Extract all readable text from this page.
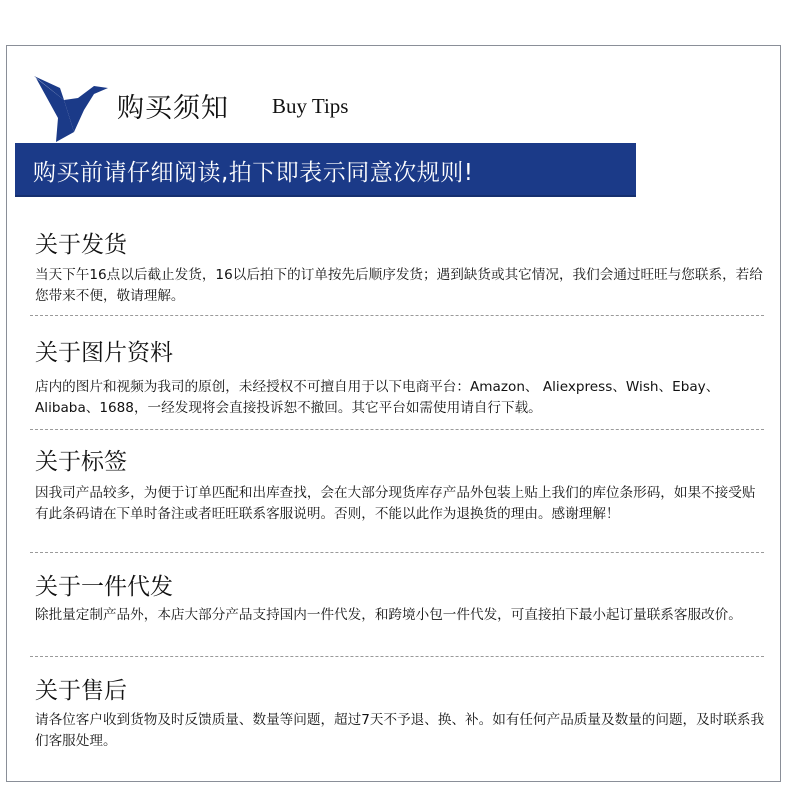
购买须知 Buy Tips
购买前请仔细阅读,拍下即表示同意次规则!
关于发货
当天下午16点以后截止发货，16以后拍下的订单按先后顺序发货；遇到缺货或其它情况，我们会通过旺旺与您联系，若给您带来不便，敬请理解。
关于图片资料
店内的图片和视频为我司的原创，未经授权不可擅自用于以下电商平台：Amazon、 Aliexpress、Wish、Ebay、Alibaba、1688，一经发现将会直接投诉恕不撤回。其它平台如需使用请自行下载。
关于标签
因我司产品较多，为便于订单匹配和出库查找，会在大部分现货库存产品外包装上贴上我们的库位条形码，如果不接受贴有此条码请在下单时备注或者旺旺联系客服说明。否则，不能以此作为退换货的理由。感谢理解！
关于一件代发
除批量定制产品外，本店大部分产品支持国内一件代发，和跨境小包一件代发，可直接拍下最小起订量联系客服改价。
关于售后
请各位客户收到货物及时反馈质量、数量等问题，超过7天不予退、换、补。如有任何产品质量及数量的问题，及时联系我们客服处理。
